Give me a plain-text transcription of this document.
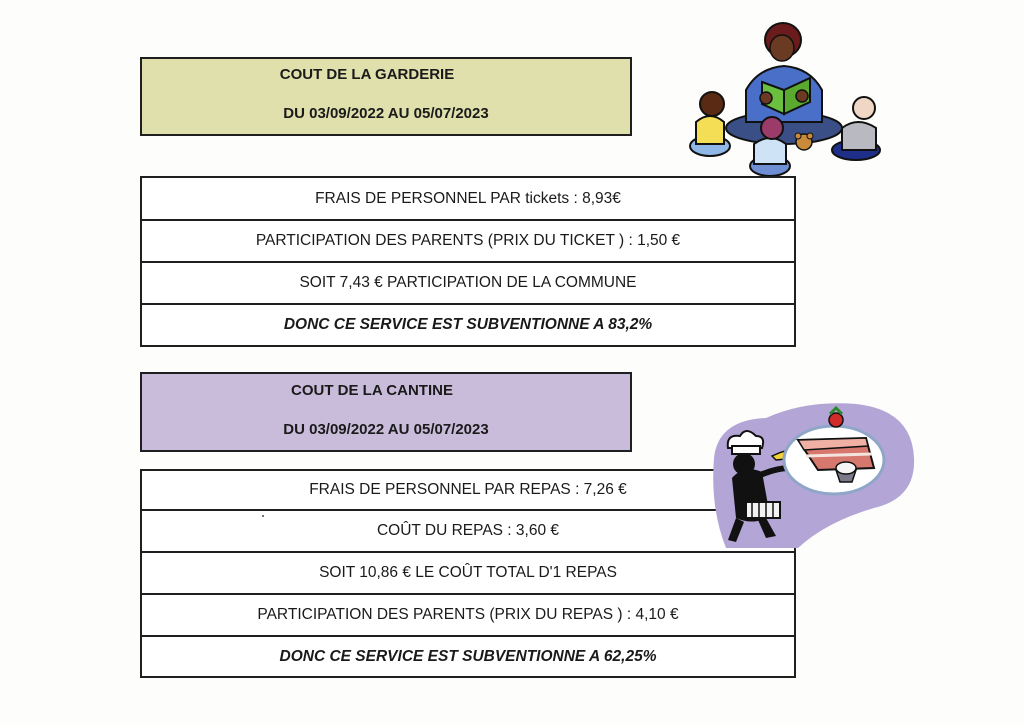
COUT DE LA GARDERIE
DU 03/09/2022 AU 05/07/2023
FRAIS DE PERSONNEL PAR tickets : 8,93€
PARTICIPATION DES PARENTS (PRIX DU TICKET ) : 1,50 €
SOIT 7,43 € PARTICIPATION DE LA COMMUNE
DONC CE SERVICE EST SUBVENTIONNE A 83,2%
COUT DE LA CANTINE
DU 03/09/2022 AU 05/07/2023
FRAIS DE PERSONNEL PAR REPAS : 7,26 €
COÛT DU REPAS : 3,60 €
SOIT 10,86 € LE COÛT TOTAL D'1 REPAS
PARTICIPATION DES PARENTS (PRIX DU REPAS ) : 4,10 €
DONC CE SERVICE EST SUBVENTIONNE A 62,25%
